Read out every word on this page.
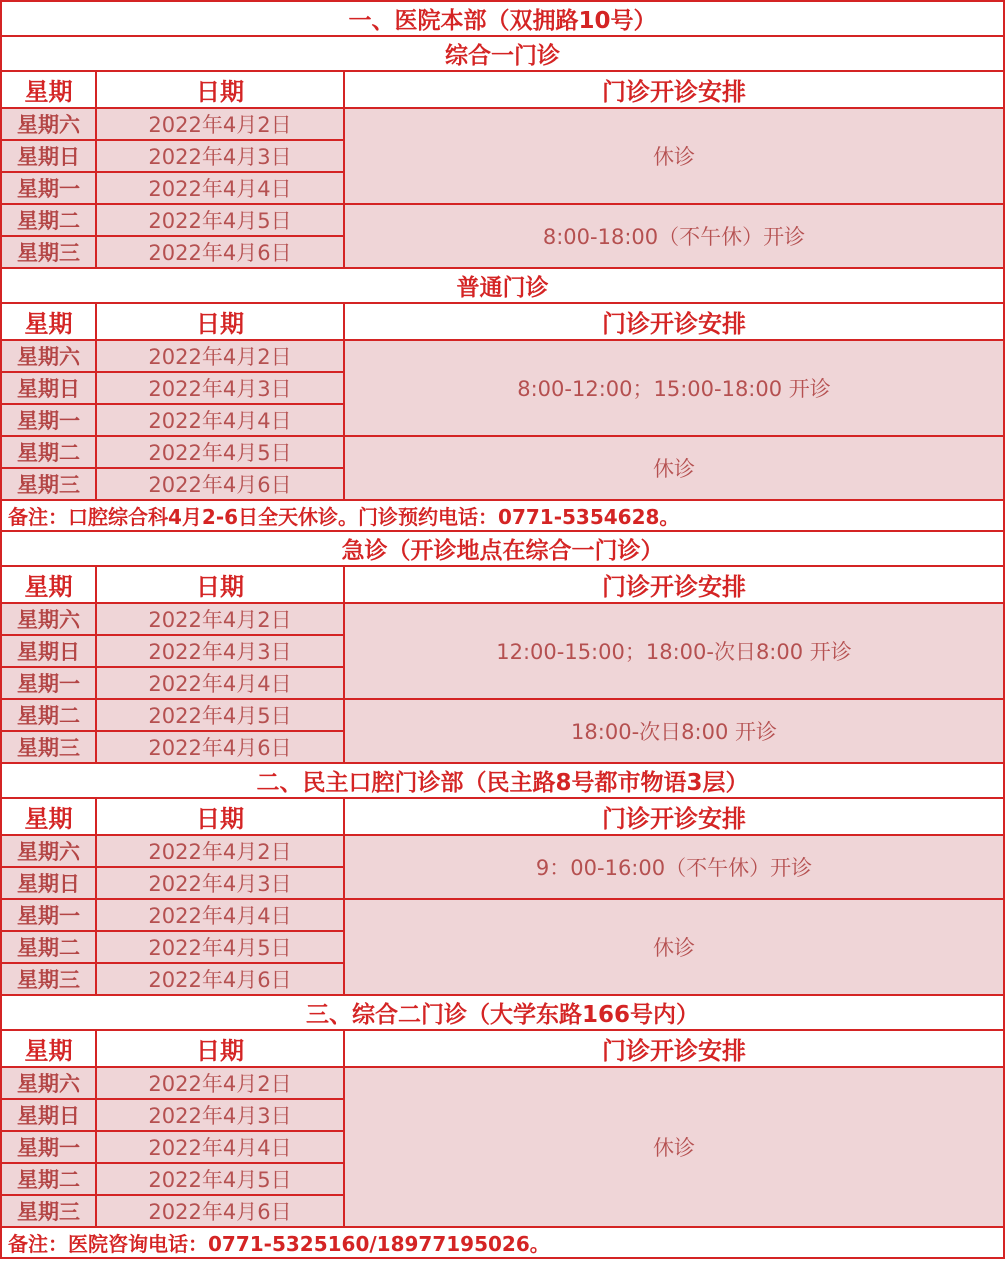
一、医院本部（双拥路10号）		
综合一门诊		
星期	日期	门诊开诊安排
星期六	2022年4月2日	休诊
星期日	2022年4月3日	
星期一	2022年4月4日	
星期二	2022年4月5日	8:00-18:00（不午休）开诊
星期三	2022年4月6日	
普通门诊		
星期	日期	门诊开诊安排
星期六	2022年4月2日	8:00-12:00；15:00-18:00 开诊
星期日	2022年4月3日	
星期一	2022年4月4日	
星期二	2022年4月5日	休诊
星期三	2022年4月6日	
备注：口腔综合科4月2-6日全天休诊。门诊预约电话：0771-5354628。		
急诊（开诊地点在综合一门诊）		
星期	日期	门诊开诊安排
星期六	2022年4月2日	12:00-15:00；18:00-次日8:00 开诊
星期日	2022年4月3日	
星期一	2022年4月4日	
星期二	2022年4月5日	18:00-次日8:00 开诊
星期三	2022年4月6日	
二、民主口腔门诊部（民主路8号都市物语3层）		
星期	日期	门诊开诊安排
星期六	2022年4月2日	9：00-16:00（不午休）开诊
星期日	2022年4月3日	
星期一	2022年4月4日	休诊
星期二	2022年4月5日	
星期三	2022年4月6日	
三、综合二门诊（大学东路166号内）		
星期	日期	门诊开诊安排
星期六	2022年4月2日	休诊
星期日	2022年4月3日	
星期一	2022年4月4日	
星期二	2022年4月5日	
星期三	2022年4月6日	
备注：医院咨询电话：0771-5325160/18977195026。		
